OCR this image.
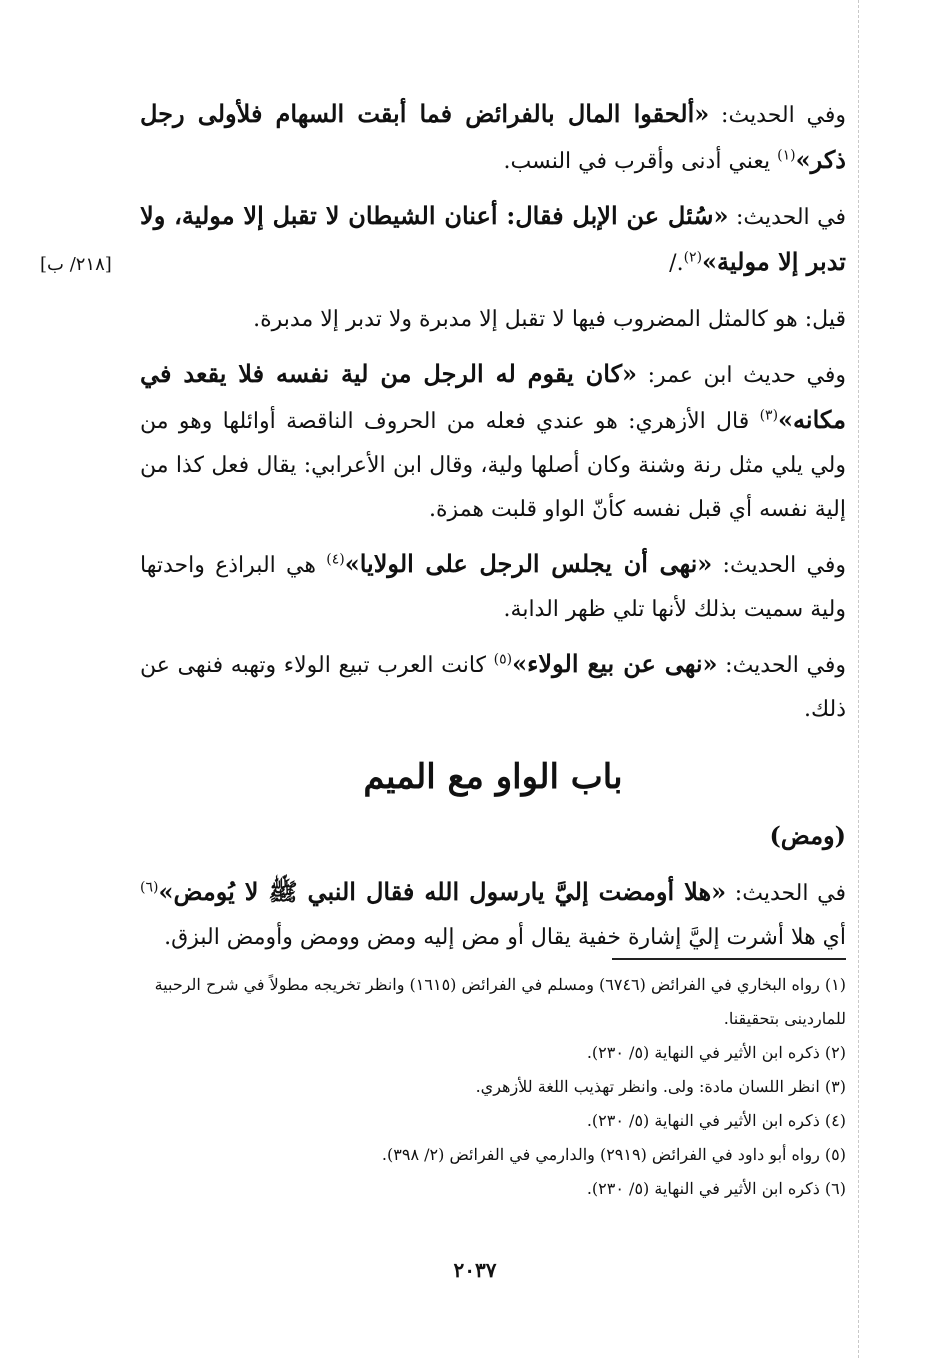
[٢١٨/ ب]

وفي الحديث: «ألحقوا المال بالفرائض فما أبقت السهام فلأولى رجل ذكر»$^{(١)}$ يعني أدنى وأقرب في النسب.

في الحديث: «سُئل عن الإبل فقال: أعنان الشيطان لا تقبل إلا مولية، ولا تدبر إلا مولية»$^{(٢)}$./

قيل: هو كالمثل المضروب فيها لا تقبل إلا مدبرة ولا تدبر إلا مدبرة.

وفي حديث ابن عمر: «كان يقوم له الرجل من لية نفسه فلا يقعد في مكانه»$^{(٣)}$ قال الأزهري: هو عندي فعله من الحروف الناقصة أوائلها وهو من ولي يلي مثل رنة وشنة وكان أصلها ولية، وقال ابن الأعرابي: يقال فعل كذا من إلية نفسه أي قبل نفسه كأنّ الواو قلبت همزة.

وفي الحديث: «نهى أن يجلس الرجل على الولايا»$^{(٤)}$ هي البراذع واحدتها ولية سميت بذلك لأنها تلي ظهر الدابة.

وفي الحديث: «نهى عن بيع الولاء»$^{(٥)}$ كانت العرب تبيع الولاء وتهبه فنهى عن ذلك.

باب الواو مع الميم
(ومض)

في الحديث: «هلا أومضت إليَّ يارسول الله فقال النبي ﷺ لا يُومض»$^{(٦)}$ أي هلا أشرت إليَّ إشارة خفية يقال أو مض إليه ومض وومض وأومض البزق.

(١) رواه البخاري في الفرائض (٦٧٤٦) ومسلم في الفرائض (١٦١٥) وانظر تخريجه مطولاً في شرح الرحبية للماردينى بتحقيقنا.

(٢) ذكره ابن الأثير في النهاية (٥/ ٢٣٠).

(٣) انظر اللسان مادة: ولى. وانظر تهذيب اللغة للأزهري.

(٤) ذكره ابن الأثير في النهاية (٥/ ٢٣٠).

(٥) رواه أبو داود في الفرائض (٢٩١٩) والدارمي في الفرائض (٢/ ٣٩٨).

(٦) ذكره ابن الأثير في النهاية (٥/ ٢٣٠).

٢٠٣٧
